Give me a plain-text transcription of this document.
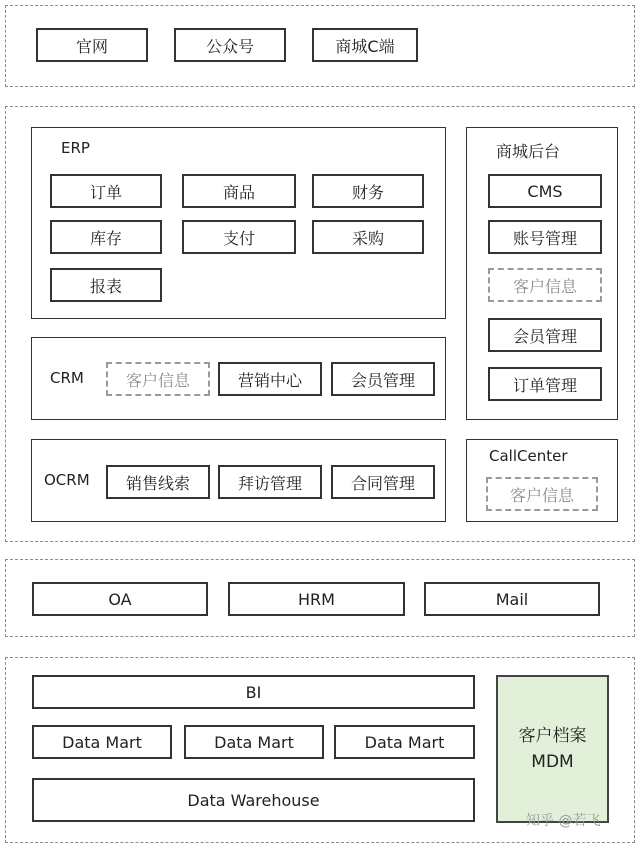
官网	公众号	商城C端
ERP
订单	商品	财务
库存	支付	采购
报表
CRM	客户信息	营销中心	会员管理
OCRM	销售线索	拜访管理	合同管理
商城后台
CMS
账号管理
客户信息
会员管理
订单管理
CallCenter
客户信息
OA	HRM	Mail
BI
Data Mart	Data Mart	Data Mart
Data Warehouse
客户档案
MDM
知乎 @若飞
